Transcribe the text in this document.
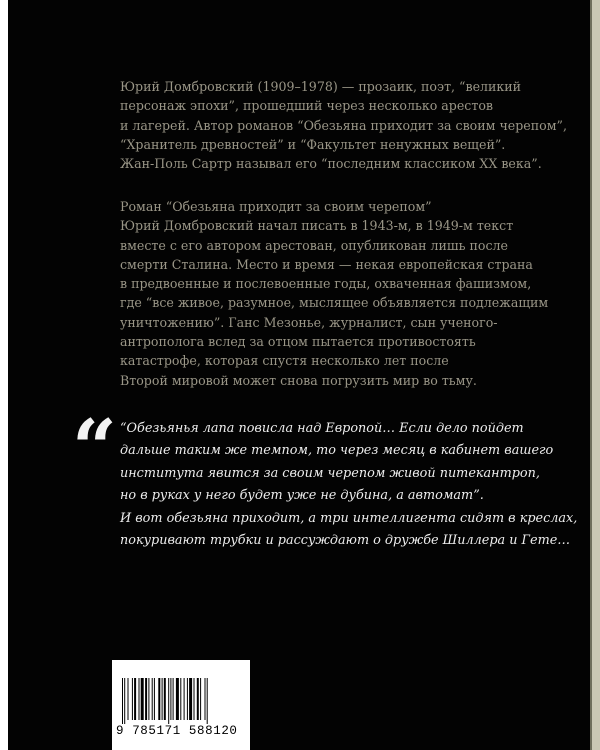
Юрий Домбровский (1909–1978) — прозаик, поэт, “великий
персонаж эпохи”, прошедший через несколько арестов
и лагерей. Автор романов “Обезьяна приходит за своим черепом”,
“Хранитель древностей” и “Факультет ненужных вещей”.
Жан-Поль Сартр называл его “последним классиком XX века”.
Роман “Обезьяна приходит за своим черепом”
Юрий Домбровский начал писать в 1943-м, в 1949-м текст
вместе с его автором арестован, опубликован лишь после
смерти Сталина. Место и время — некая европейская страна
в предвоенные и послевоенные годы, охваченная фашизмом,
где “все живое, разумное, мыслящее объявляется подлежащим
уничтожению”. Ганс Мезонье, журналист, сын ученого-
антрополога вслед за отцом пытается противостоять
катастрофе, которая спустя несколько лет после
Второй мировой может снова погрузить мир во тьму.
“ “Обезьянья лапа повисла над Европой… Если дело пойдет
дальше таким же темпом, то через месяц в кабинет вашего
института явится за своим черепом живой питекантроп,
но в руках у него будет уже не дубина, а автомат”.
И вот обезьяна приходит, а три интеллигента сидят в креслах,
покуривают трубки и рассуждают о дружбе Шиллера и Гете…
9 785171 588120
